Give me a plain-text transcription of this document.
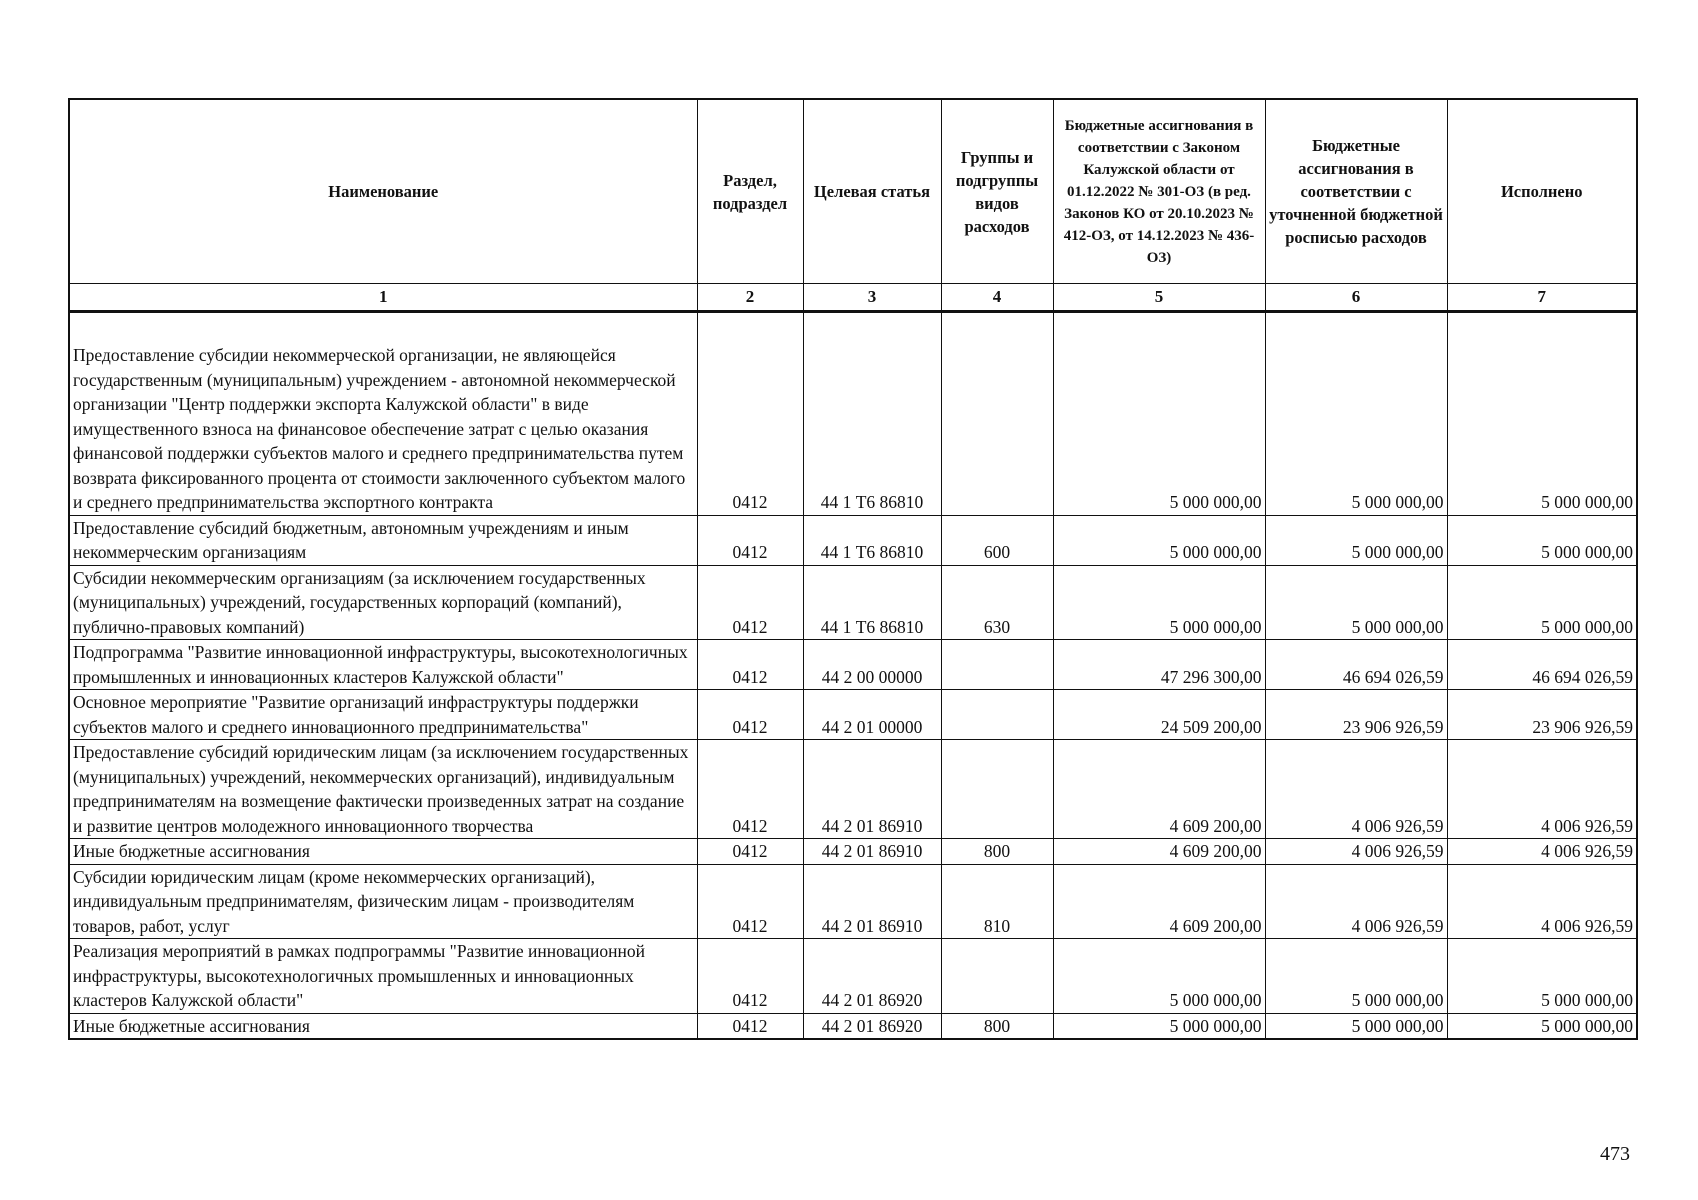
Наименование	Раздел, подраздел	Целевая статья	Группы и подгруппы видов расходов	Бюджетные ассигнования в соответствии с Законом Калужской области от 01.12.2022 № 301-ОЗ (в ред. Законов КО от 20.10.2023 № 412-ОЗ, от 14.12.2023 № 436-ОЗ)	Бюджетные ассигнования в соответствии с уточненной бюджетной росписью расходов	Исполнено
1	2	3	4	5	6	7
Предоставление субсидии некоммерческой организации, не являющейся государственным (муниципальным) учреждением - автономной некоммерческой организации "Центр поддержки экспорта Калужской области" в виде имущественного взноса на финансовое обеспечение затрат с целью оказания финансовой поддержки субъектов малого и среднего предпринимательства путем возврата фиксированного процента от стоимости заключенного субъектом малого и среднего предпринимательства экспортного контракта	0412	44 1 Т6 86810		5 000 000,00	5 000 000,00	5 000 000,00
Предоставление субсидий бюджетным, автономным учреждениям и иным некоммерческим организациям	0412	44 1 Т6 86810	600	5 000 000,00	5 000 000,00	5 000 000,00
Субсидии некоммерческим организациям (за исключением государственных (муниципальных) учреждений, государственных корпораций (компаний), публично-правовых компаний)	0412	44 1 Т6 86810	630	5 000 000,00	5 000 000,00	5 000 000,00
Подпрограмма "Развитие инновационной инфраструктуры, высокотехнологичных промышленных и инновационных кластеров Калужской области"	0412	44 2 00 00000		47 296 300,00	46 694 026,59	46 694 026,59
Основное мероприятие "Развитие организаций инфраструктуры поддержки субъектов малого и среднего инновационного предпринимательства"	0412	44 2 01 00000		24 509 200,00	23 906 926,59	23 906 926,59
Предоставление субсидий юридическим лицам (за исключением государственных (муниципальных) учреждений, некоммерческих организаций), индивидуальным предпринимателям на возмещение фактически произведенных затрат на создание и развитие центров молодежного инновационного творчества	0412	44 2 01 86910		4 609 200,00	4 006 926,59	4 006 926,59
Иные бюджетные ассигнования	0412	44 2 01 86910	800	4 609 200,00	4 006 926,59	4 006 926,59
Субсидии юридическим лицам (кроме некоммерческих организаций), индивидуальным предпринимателям, физическим лицам - производителям товаров, работ, услуг	0412	44 2 01 86910	810	4 609 200,00	4 006 926,59	4 006 926,59
Реализация мероприятий в рамках подпрограммы "Развитие инновационной инфраструктуры, высокотехнологичных промышленных и инновационных кластеров Калужской области"	0412	44 2 01 86920		5 000 000,00	5 000 000,00	5 000 000,00
Иные бюджетные ассигнования	0412	44 2 01 86920	800	5 000 000,00	5 000 000,00	5 000 000,00
473
